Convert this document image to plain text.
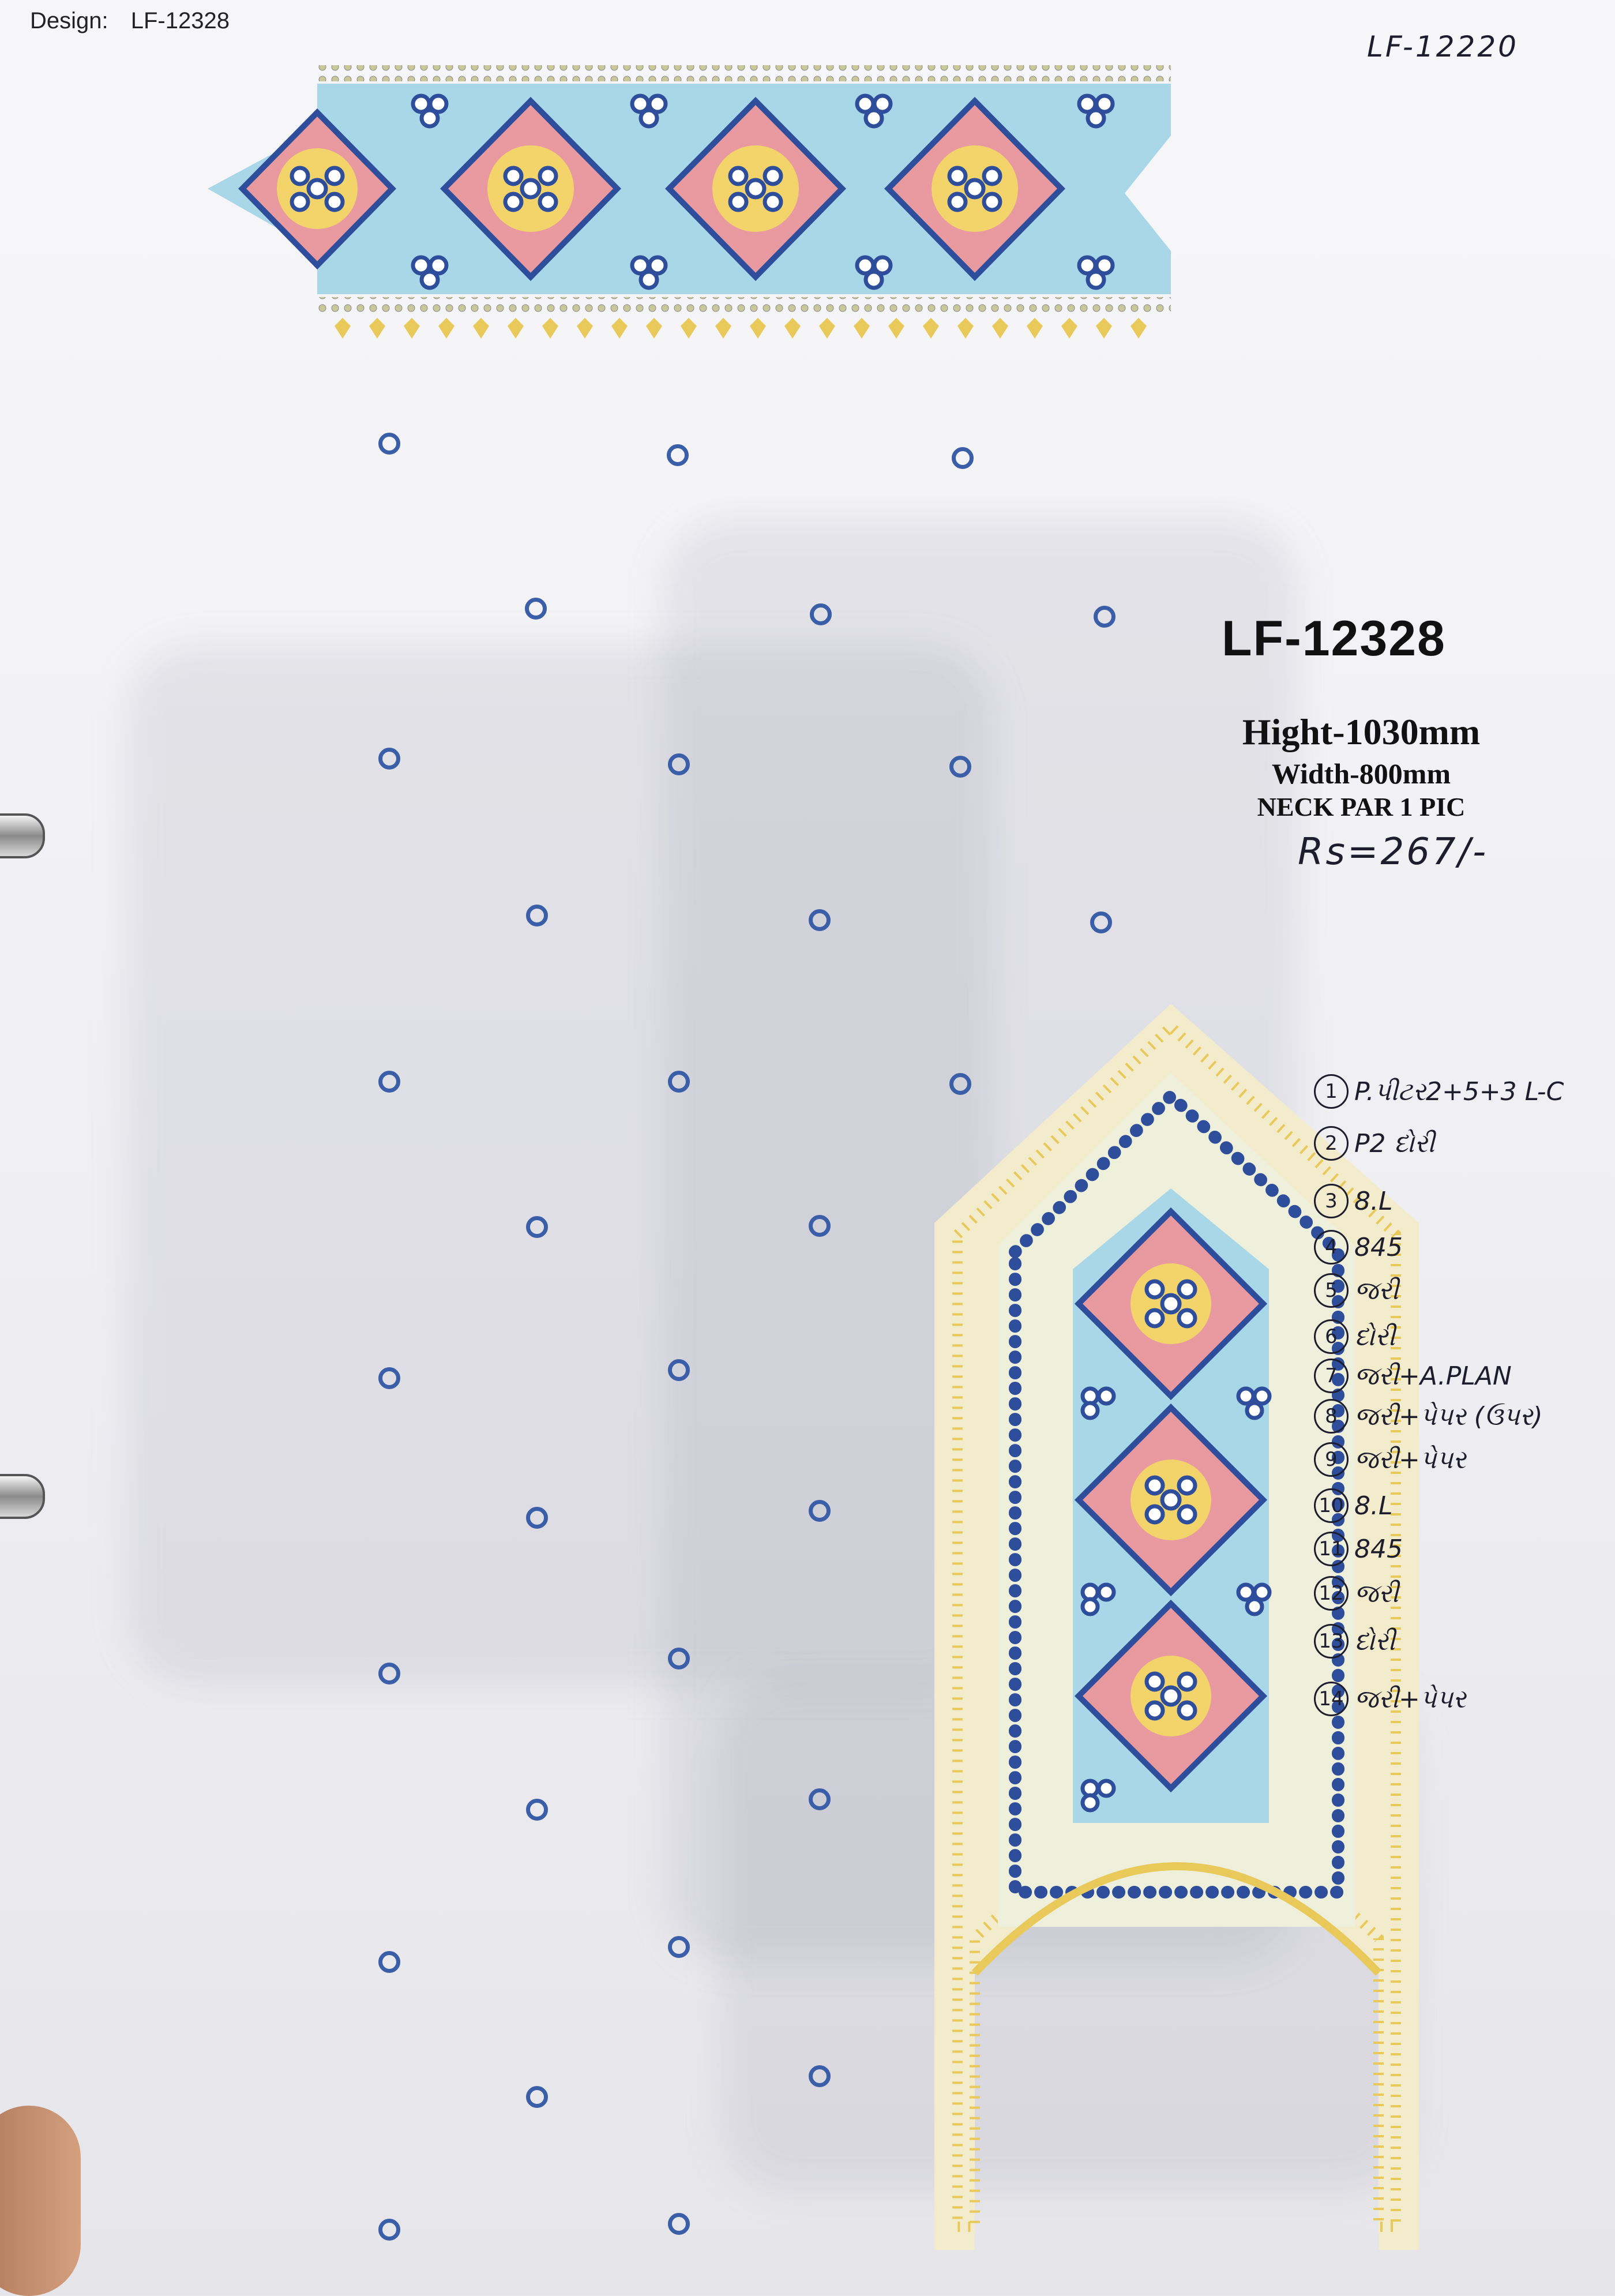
Design: LF-12328
LF-12220
LF-12328
Hight-1030mm
Width-800mm
NECK PAR 1 PIC
Rs=267/-
1 P.પીટર2+5+3 L-C
2 P2 દોરી
3 8.L
4 845
5 જરી
6 દોરી
7 જરી+A.PLAN
8 જરી+પેપર (ઉપર)
9 જરી+પેપર
10 8.L
11 845
12 જરી
13 દોરી
14 જરી+પેપર
